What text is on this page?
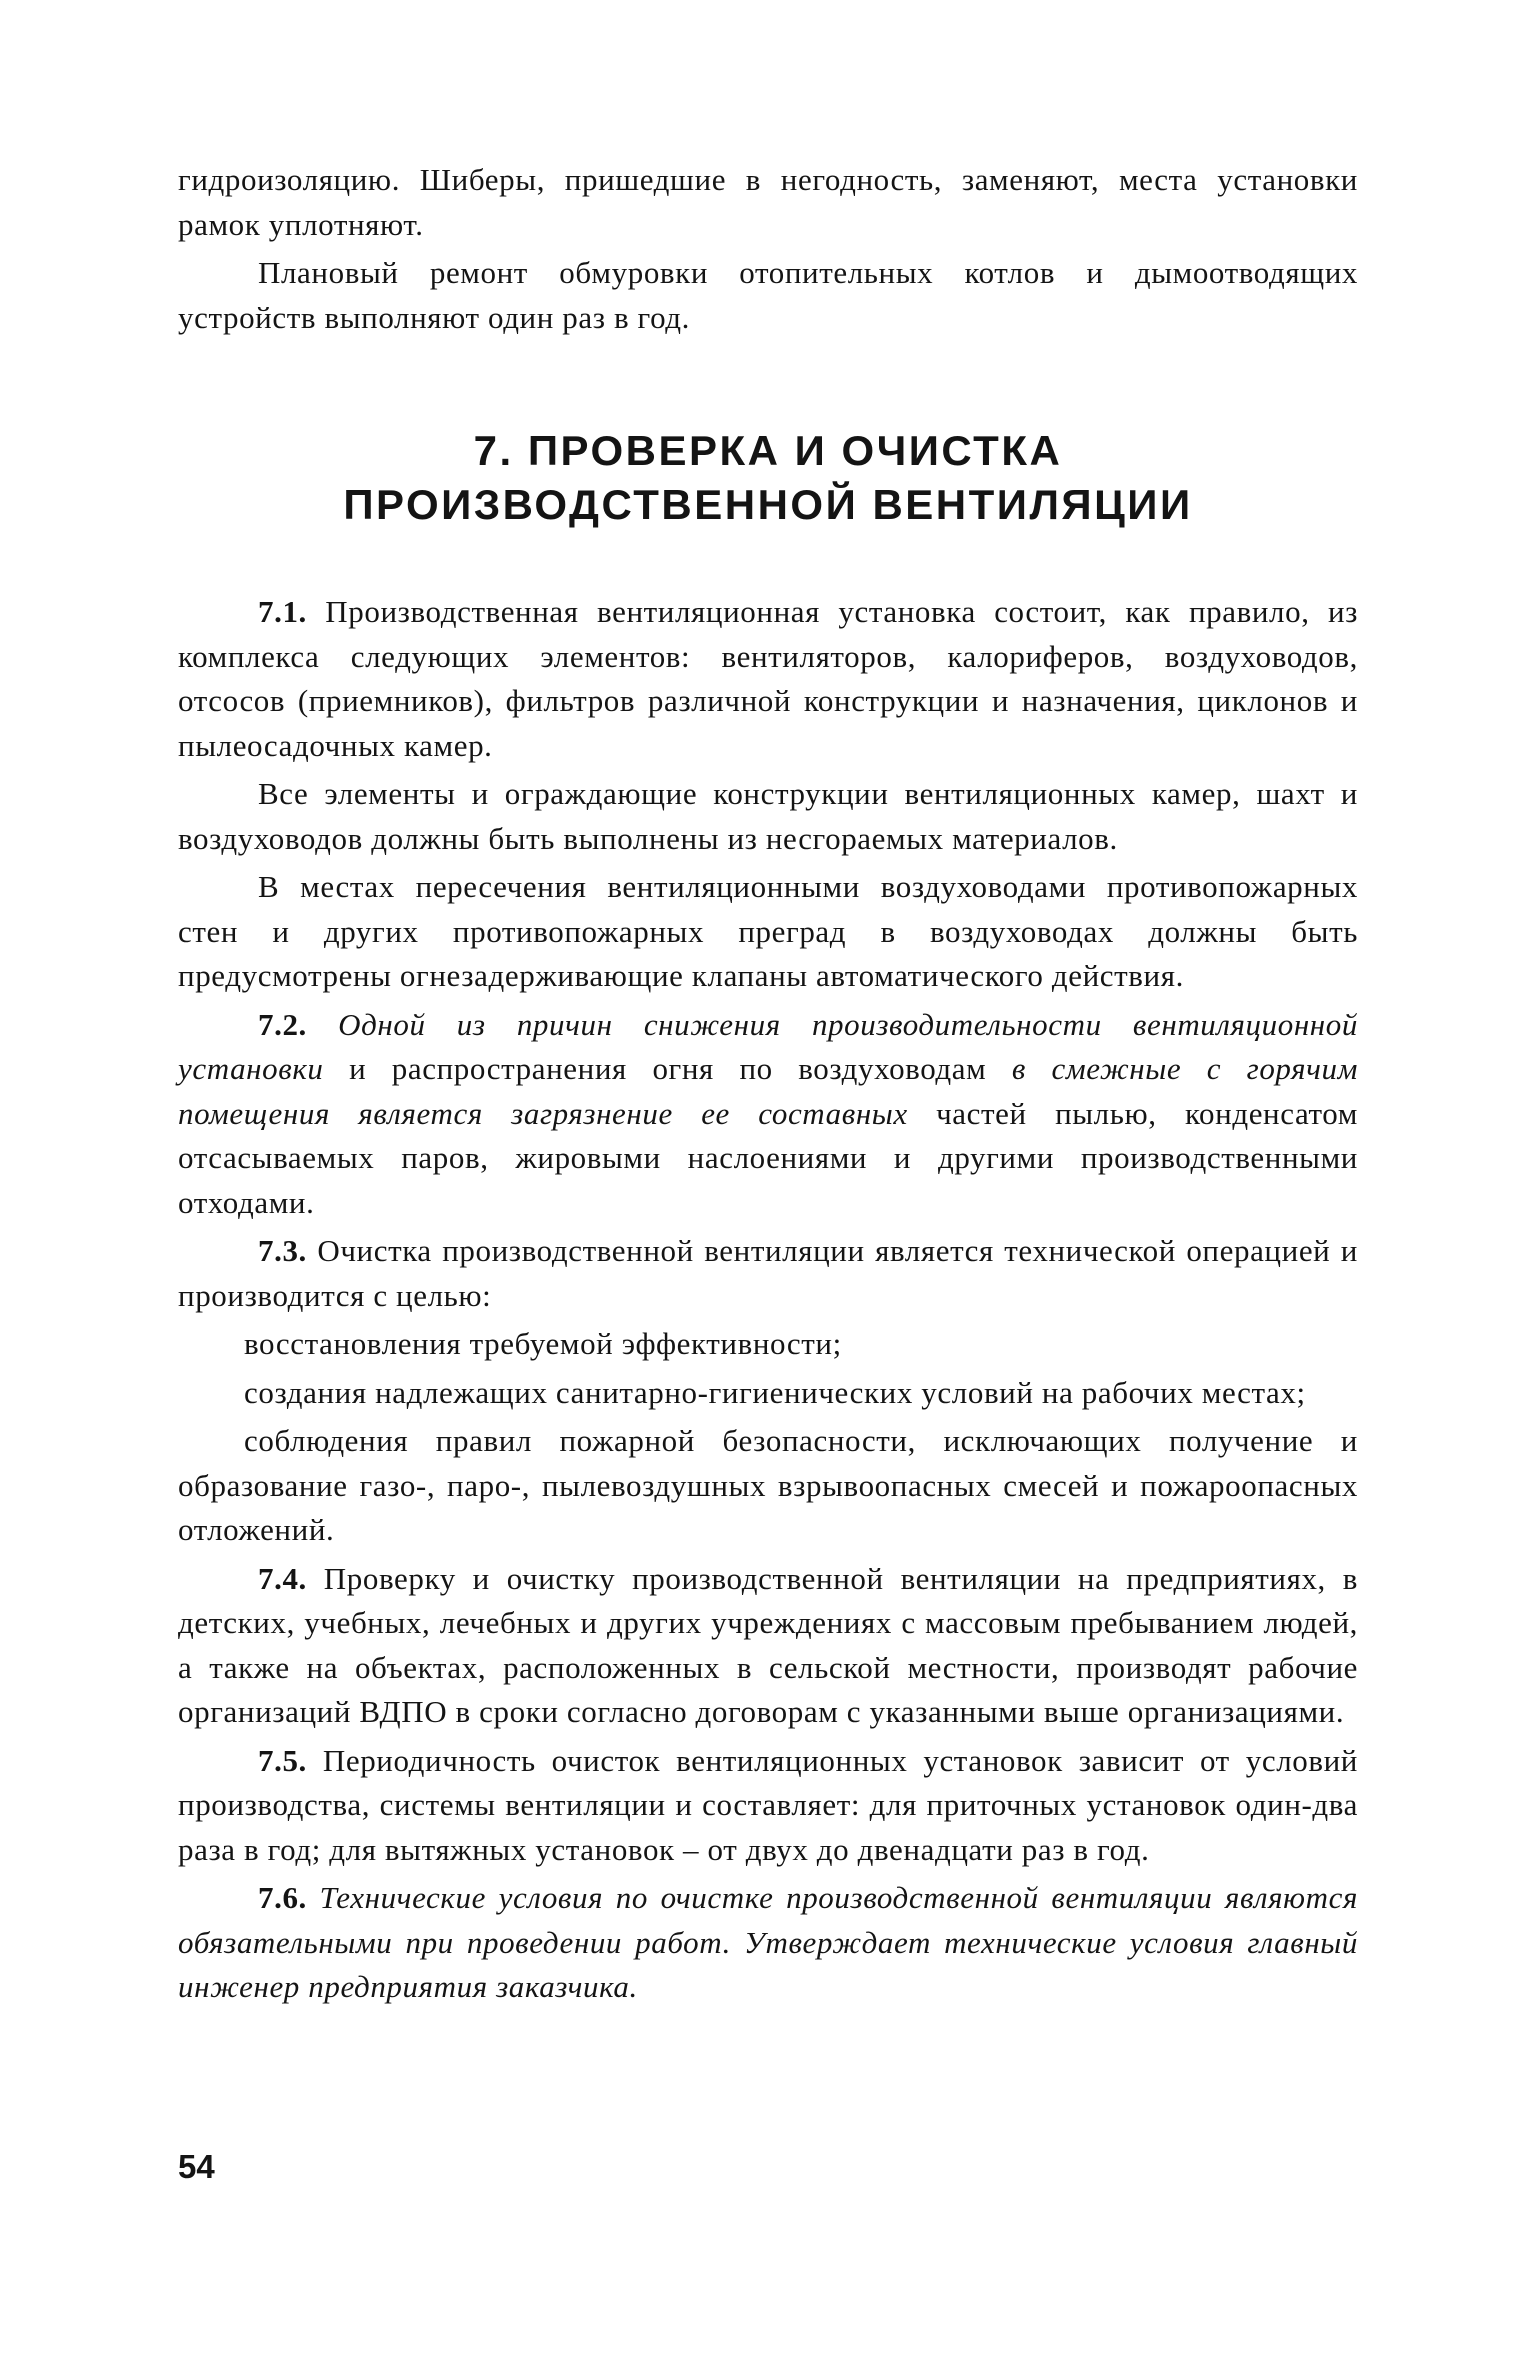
гидроизоляцию. Шиберы, пришедшие в негодность, заменяют, места установки рамок уплотняют.

Плановый ремонт обмуровки отопительных котлов и дымоотводящих устройств выполняют один раз в год.

7. ПРОВЕРКА И ОЧИСТКА
ПРОИЗВОДСТВЕННОЙ ВЕНТИЛЯЦИИ

7.1. Производственная вентиляционная установка состоит, как правило, из комплекса следующих элементов: вентиляторов, калориферов, воздуховодов, отсосов (приемников), фильтров различной конструкции и назначения, циклонов и пылеосадочных камер.

Все элементы и ограждающие конструкции вентиляционных камер, шахт и воздуховодов должны быть выполнены из несгораемых материалов.

В местах пересечения вентиляционными воздуховодами противопожарных стен и других противопожарных преград в воздуховодах должны быть предусмотрены огнезадерживающие клапаны автоматического действия.

7.2. Одной из причин снижения производительности вентиляционной установки и распространения огня по воздуховодам в смежные с горячим помещения является загрязнение ее составных частей пылью, конденсатом отсасываемых паров, жировыми наслоениями и другими производственными отходами.

7.3. Очистка производственной вентиляции является технической операцией и производится с целью:

восстановления требуемой эффективности;

создания надлежащих санитарно-гигиенических условий на рабочих местах;

соблюдения правил пожарной безопасности, исключающих получение и образование газо-, паро-, пылевоздушных взрывоопасных смесей и пожароопасных отложений.

7.4. Проверку и очистку производственной вентиляции на предприятиях, в детских, учебных, лечебных и других учреждениях с массовым пребыванием людей, а также на объектах, расположенных в сельской местности, производят рабочие организаций ВДПО в сроки согласно договорам с указанными выше организациями.

7.5. Периодичность очисток вентиляционных установок зависит от условий производства, системы вентиляции и составляет: для приточных установок один-два раза в год; для вытяжных установок – от двух до двенадцати раз в год.

7.6. Технические условия по очистке производственной вентиляции являются обязательными при проведении работ. Утверждает технические условия главный инженер предприятия заказчика.

54
